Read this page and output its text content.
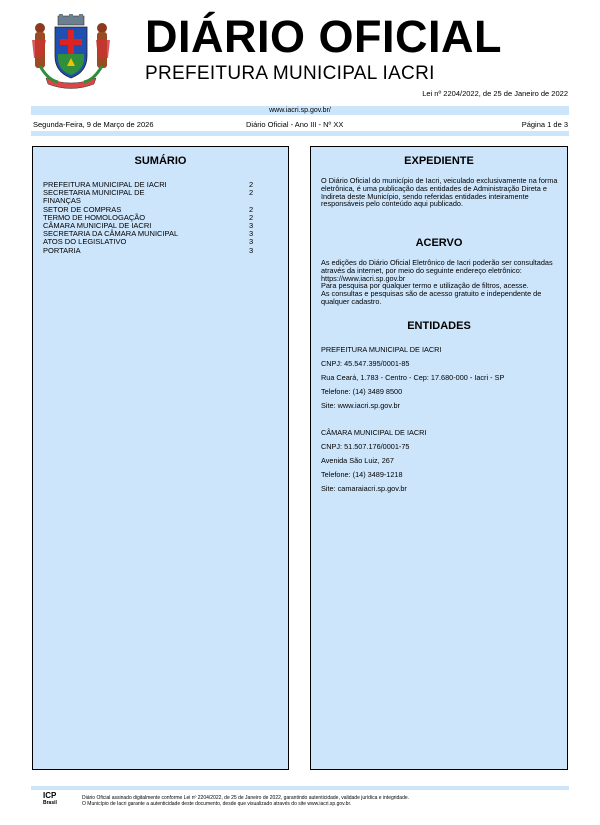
DIÁRIO OFICIAL
PREFEITURA MUNICIPAL IACRI
Lei nº 2204/2022, de 25 de Janeiro de 2022
www.iacri.sp.gov.br/
Segunda-Feira, 9 de Março de 2026	Diário Oficial - Ano III - Nº XX	Página 1 de 3
SUMÁRIO
PREFEITURA MUNICIPAL DE IACRI	2
SECRETARIA MUNICIPAL DE FINANÇAS
2
SETOR DE COMPRAS	2
TERMO DE HOMOLOGAÇÃO	2
CÂMARA MUNICIPAL DE IACRI	3
SECRETARIA DA CÂMARA MUNICIPAL	3
ATOS DO LEGISLATIVO	3
PORTARIA	3
EXPEDIENTE
O Diário Oficial do município de Iacri, veiculado exclusivamente na forma eletrônica, é uma publicação das entidades de Administração Direta e Indireta deste Município, sendo referidas entidades inteiramente responsáveis pelo conteúdo aqui publicado.
ACERVO
As edições do Diário Oficial Eletrônico de Iacri poderão ser consultadas através da internet, por meio do seguinte endereço eletrônico: https://www.iacri.sp.gov.br
Para pesquisa por qualquer termo e utilização de filtros, acesse.
As consultas e pesquisas são de acesso gratuito e independente de qualquer cadastro.
ENTIDADES
PREFEITURA MUNICIPAL DE IACRI
CNPJ: 45.547.395/0001-85
Rua Ceará, 1.783 - Centro - Cep: 17.680-000 - Iacri - SP
Telefone: (14) 3489 8500
Site: www.iacri.sp.gov.br
CÂMARA MUNICIPAL DE IACRI
CNPJ: 51.507.176/0001-75
Avenida São Luiz, 267
Telefone: (14) 3489-1218
Site: camaraiacri.sp.gov.br
ICP
Brasil
Diário Oficial assinado digitalmente conforme Lei nº 2204/2022, de 25 de Janeiro de 2022, garantindo autenticidade, validade jurídica e integridade.
O Município de Iacri garante a autenticidade deste documento, desde que visualizado através do site www.iacri.sp.gov.br.
